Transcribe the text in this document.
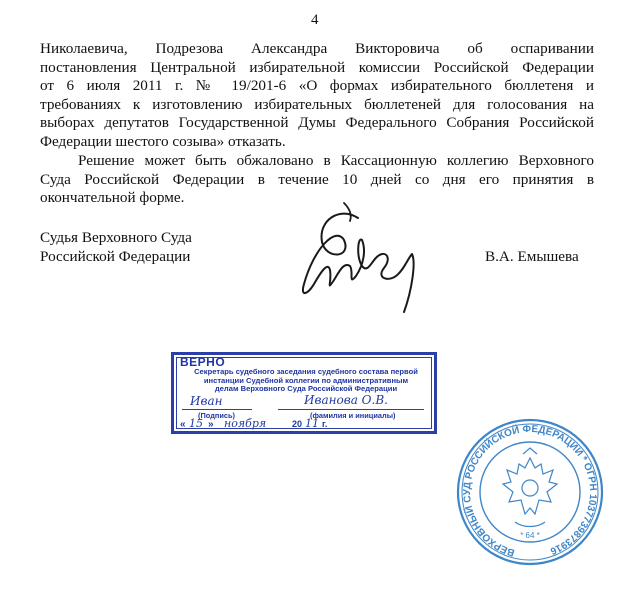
4
Николаевича, Подрезова Александра Викторовича об оспаривании
постановления Центральной избирательной комиссии Российской Федерации
от 6 июля 2011 г. № 19/201-6 «О формах избирательного бюллетеня и
требованиях к изготовлению избирательных бюллетеней для голосования на
выборах депутатов Государственной Думы Федерального Собрания Российской
Федерации шестого созыва» отказать.
Решение может быть обжаловано в Кассационную коллегию Верховного
Суда Российской Федерации в течение 10 дней со дня его принятия в
окончательной форме.
Судья Верховного Суда
Российской Федерации	В.А. Емышева
ВЕРНО
Секретарь судебного заседания судебного состава первой
инстанции Судебной коллегии по административным
делам Верховного Суда Российской Федерации
Иван	Иванова О.В.
(Подпись)	(фамилия и инициалы)
« 15 » ноября	20 11 г.
ВЕРХОВНЫЙ СУД РОССИЙСКОЙ ФЕДЕРАЦИИ * ОГРН 1037739873916
* 64 *
